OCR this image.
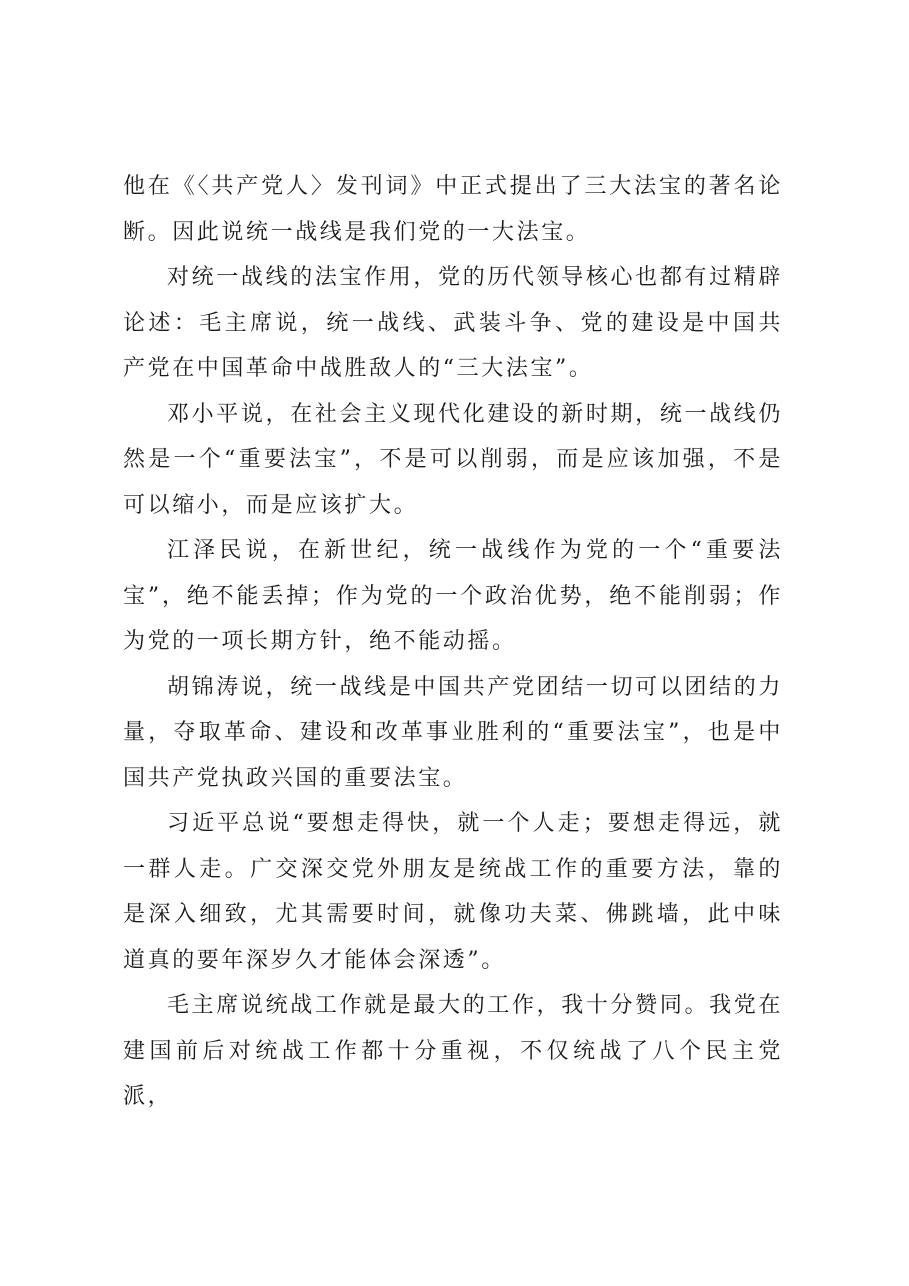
他在《〈共产党人〉发刊词》中正式提出了三大法宝的著名论断。因此说统一战线是我们党的一大法宝。

对统一战线的法宝作用，党的历代领导核心也都有过精辟论述：毛主席说，统一战线、武装斗争、党的建设是中国共产党在中国革命中战胜敌人的“三大法宝”。

邓小平说，在社会主义现代化建设的新时期，统一战线仍然是一个“重要法宝”，不是可以削弱，而是应该加强，不是可以缩小，而是应该扩大。

江泽民说，在新世纪，统一战线作为党的一个“重要法宝”，绝不能丢掉；作为党的一个政治优势，绝不能削弱；作为党的一项长期方针，绝不能动摇。

胡锦涛说，统一战线是中国共产党团结一切可以团结的力量，夺取革命、建设和改革事业胜利的“重要法宝”，也是中国共产党执政兴国的重要法宝。

习近平总说“要想走得快，就一个人走；要想走得远，就一群人走。广交深交党外朋友是统战工作的重要方法，靠的是深入细致，尤其需要时间，就像功夫菜、佛跳墙，此中味道真的要年深岁久才能体会深透”。

毛主席说统战工作就是最大的工作，我十分赞同。我党在建国前后对统战工作都十分重视，不仅统战了八个民主党派，
